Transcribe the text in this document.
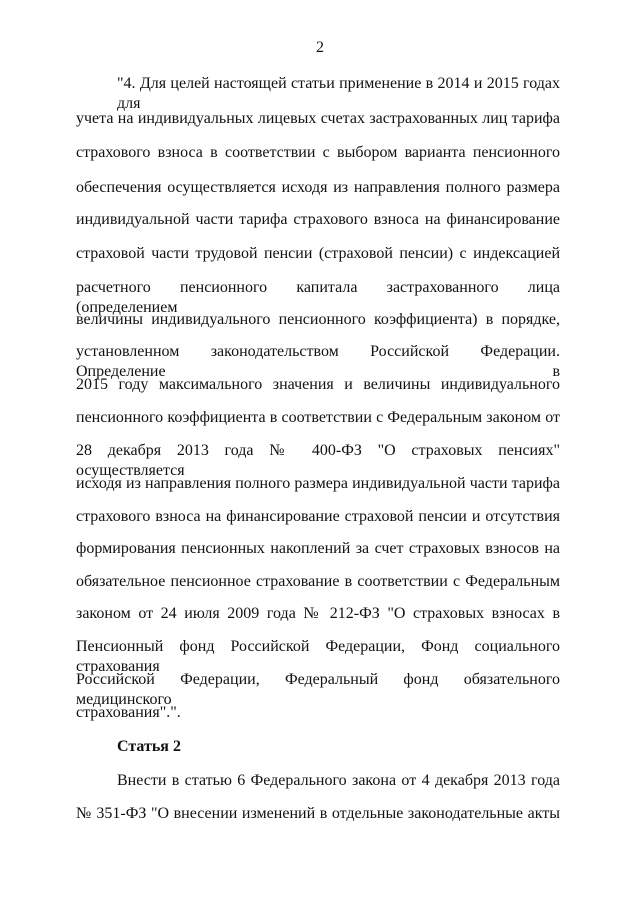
2
"4. Для целей настоящей статьи применение в 2014 и 2015 годах для
учета на индивидуальных лицевых счетах застрахованных лиц тарифа
страхового взноса в соответствии с выбором варианта пенсионного
обеспечения осуществляется исходя из направления полного размера
индивидуальной части тарифа страхового взноса на финансирование
страховой части трудовой пенсии (страховой пенсии) с индексацией
расчетного пенсионного капитала застрахованного лица (определением
величины индивидуального пенсионного коэффициента) в порядке,
установленном законодательством Российской Федерации. Определение в
2015 году максимального значения и величины индивидуального
пенсионного коэффициента в соответствии с Федеральным законом от
28 декабря 2013 года № 400-ФЗ "О страховых пенсиях" осуществляется
исходя из направления полного размера индивидуальной части тарифа
страхового взноса на финансирование страховой пенсии и отсутствия
формирования пенсионных накоплений за счет страховых взносов на
обязательное пенсионное страхование в соответствии с Федеральным
законом от 24 июля 2009 года № 212-ФЗ "О страховых взносах в
Пенсионный фонд Российской Федерации, Фонд социального страхования
Российской Федерации, Федеральный фонд обязательного медицинского
страхования".".
Статья 2
Внести в статью 6 Федерального закона от 4 декабря 2013 года
№ 351-ФЗ "О внесении изменений в отдельные законодательные акты
